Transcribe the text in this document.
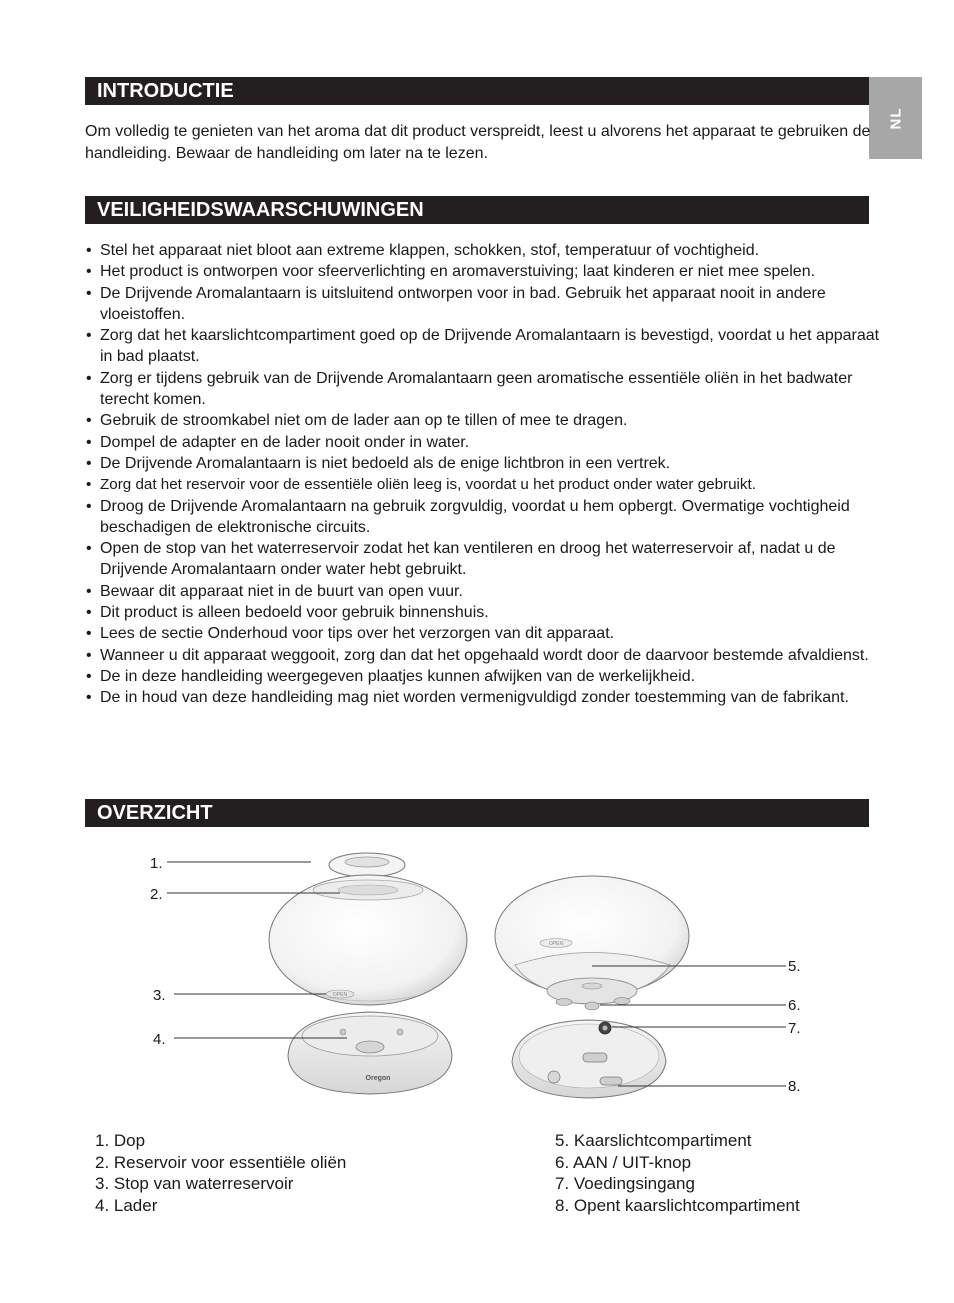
NL
INTRODUCTIE

Om volledig te genieten van het aroma dat dit product verspreidt, leest u alvorens het apparaat te gebruiken de handleiding. Bewaar de handleiding om later na te lezen.

VEILIGHEIDSWAARSCHUWINGEN
• Stel het apparaat niet bloot aan extreme klappen, schokken, stof, temperatuur of vochtigheid.
• Het product is ontworpen voor sfeerverlichting en aromaverstuiving; laat kinderen er niet mee spelen.
• De Drijvende Aromalantaarn is uitsluitend ontworpen voor in bad. Gebruik het apparaat nooit in andere vloeistoffen.
• Zorg dat het kaarslichtcompartiment goed op de Drijvende Aromalantaarn is bevestigd, voordat u het apparaat in bad plaatst.
• Zorg er tijdens gebruik van de Drijvende Aromalantaarn geen aromatische essentiële oliën in het badwater terecht komen.
• Gebruik de stroomkabel niet om de lader aan op te tillen of mee te dragen.
• Dompel de adapter en de lader nooit onder in water.
• De Drijvende Aromalantaarn is niet bedoeld als de enige lichtbron in een vertrek.
• Zorg dat het reservoir voor de essentiële oliën leeg is, voordat u het product onder water gebruikt.
• Droog de Drijvende Aromalantaarn na gebruik zorgvuldig, voordat u hem opbergt. Overmatige vochtigheid beschadigen de elektronische circuits.
• Open de stop van het waterreservoir zodat het kan ventileren en droog het waterreservoir af, nadat u de Drijvende Aromalantaarn onder water hebt gebruikt.
• Bewaar dit apparaat niet in de buurt van open vuur.
• Dit product is alleen bedoeld voor gebruik binnenshuis.
• Lees de sectie Onderhoud voor tips over het verzorgen van dit apparaat.
• Wanneer u dit apparaat weggooit, zorg dan dat het opgehaald wordt door de daarvoor bestemde afvaldienst.
• De in deze handleiding weergegeven plaatjes kunnen afwijken van de werkelijkheid.
• De in houd van deze handleiding mag niet worden vermenigvuldigd zonder toestemming van de fabrikant.
OVERZICHT
OPEN
Oregon
OPEN
1.
2.
3.
4.
5.
6.
7.
8.
1. Dop
2. Reservoir voor essentiële oliën
3. Stop van waterreservoir
4. Lader
5. Kaarslichtcompartiment
6. AAN / UIT-knop
7. Voedingsingang
8. Opent kaarslichtcompartiment
